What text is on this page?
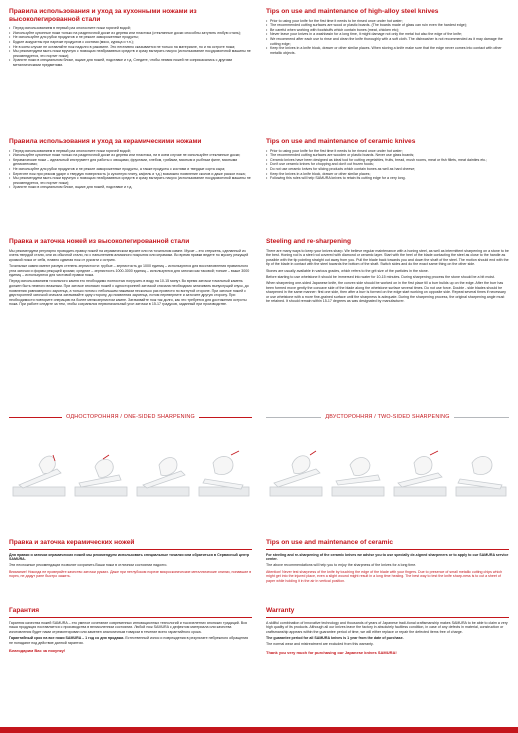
Правила использования и уход за кухонными ножами из высоколегированной стали
• Перед использованием в первый раз ополосните ножи горячей водой;
• Используйте кухонные ножи только на разделочной доске из дерева или пластика (стеклянные доски способны затупить любую сталь);
• Не используйте для рубки продуктов и не режьте замороженные продукты;
• Будьте аккуратны при нарезке продуктов с костями (мясо, курица и т.п.);
• Не в коем случае не оставляйте нож надолго в раковине. Это негативно сказывается не только на материале, но и на остроте ножа;
• Мы рекомендуем мыть ножи вручную с помощью неабразивных средств и сразу вытирать насухо (использование посудомоечной машины не рекомендуется, это портит ножи);
• Храните ножи в специальном блоке, ящике для ножей, подставке и т.д. Следите, чтобы лезвия ножей не соприкасались с другими металлическими предметами.
Tips on use and maintenance of high-alloy steel knives
• Prior to using your knife for the first time it needs to be rinsed once under hot water;
• The recommended cutting surfaces are wood or plastic boards. (The boards made of glass can ruin even the hardest edge);
• Be careful when working with foodstuffs which contain bones (meat, chicken etc);
• Never leave your knives in a washbasin for a long time, it might damage not only the metal but also the edge of the knife;
• We recommend after each use to rinse and clean the knife thoroughly with a soft cloth. The dishwasher is not recommended as it may damage the cutting edge;
• Keep the knives in a knife block, drawer or other similar places. When storing a knife make sure that the edge never comes into contact with other metallic objects.
Правила использования и уход за керамическими ножами
• Перед использованием в первый раз ополосните ножи горячей водой;
• Используйте кухонные ножи только на разделочной доске из дерева или пластика, ни в коем случае не используйте стеклянные доски;
• Керамические ножи – идеальный инструмент для работы с овощами, фруктами, хлебом, грибами, мясным и рыбным филе, мясными деликатесами;
• Не используйте для рубки продуктов и не режьте замороженные продукты, а также продукты с костями и твердые сорта сыра;
• Берегите нож при резком ударе о твердую поверхность (о кухонную плиту, кафель и т.д.) возможно появление сколов и даже раскол ножа;
• Мы рекомендуем мыть ножи вручную с помощью неабразивных средств и сразу вытирать насухо (использование посудомоечной машины не рекомендуется, это портит ножи);
• Храните ножи в специальном блоке, ящике для ножей, подставке и т.д.
Tips on use and maintenance of ceramic knives
• Prior to using your knife for the first time it needs to be rinsed once under hot water;
• The recommended cutting surfaces are wooden or plastic boards. Never use glass boards;
• Ceramic knives have been designed as ideal tool for cutting vegetables, fruits, bread, mush rooms, meat or fish fillets, meat dainties etc.;
• Don't use ceramic knives for chopping and don't cut frozen foods;
• Do not use ceramic knives for slicing products which contain bones as well as hard cheese;
• Keep the knives in a knife block, drawer or other similar places;
• Following this rules will help SAMURA knives to retain its cutting edge for a very long.
Правка и заточка ножей из высоколегированной стали

Мы рекомендуем регулярно проводить правку ножей на керамическом мусате или на точильном камне. Мусат – это стержень, сделанный из очень твердой стали, или из обычной стали, но с напылением алмазного покрытия или керамики. Во время правки ведите по мусату режущей кромкой ножа от себя, плавно сдвигая нож от рукояти к острию.

Точильные камни имеют разную степень зернистости: грубые – зернистость до 1000 единиц – используются для восстановления правильного угла заточки и формы режущей кромки; средние – зернистость 1000-3000 единиц – используются для заточки как таковой; тонкие – выше 3000 единиц – используются для чистовой правки ножа.

Перед использованием точильного камня его необходимо полностью погрузить в воду на 10-15 минут. Во время заточки точильный камень должен быть немного влажным. При заточке японских ножей с односторонней заточкой сначала необходимо затачивать выпуклущий спуск, до появления равномерного заусенца, а только потом с небольшим нажимом несколько раз провести по вогнутой стороне. При заточке ножей с двусторонней заточкой сначала затачивайте одну сторону, до появления заусенца, потом переверните и заточите другую сторону. При необходимости повторите операцию на более мелкозернистом камне. Затачивайте нож так долго, как это требуется для достижения остроты ножа. При работе следите за тем, чтобы сохранялся первоначальный угол заточки в 15-17 градусов, заданный при производстве.

Steeling and re-sharpening

There are many ways to keep your knives sharp. We believe regular maintenance with a honing steel, as well as intermittent sharpening on a stone to be the best. Honing rod is a steel rod covered with diamond or ceramic layer. Start with the heel of the blade contacting the steel as close to the handle as possible with the tip pointing straight out away from you. Pull the blade back towards you and down the shaft of the steel. The motion should end with the tip of the blade in contact with the steel towards the bottom of the shaft. Switch sides and do the exact same thing on the other side.

Stones are usually available in various grades, which refers to the grit size of the particles in the stone.

Before starting to use whetstone it should be immersed into water for 10-15 minutes. During sharpening process the stone should be a bit moist.

When sharpening one-sided Japanese knife, the convex side should be worked on in the first place till a burr builds up on the edge. After the burr has been formed move gently the concave side of the blade along the whetstone surface several times. Do not use force. Double - side blades should be sharpened in the same manner: first one side, then after a burr is formed on the edge start working on opposite side. Repeat several times if necessary or use whetstone with a more fine-grained surface until the sharpness is adequate. During the sharpening process, the original sharpening angle must be retained. It should remain within 15-17 degrees as was designated by manufacturer.

ОДНОСТОРОННЯЯ / ONE-SIDED SHARPENING	ДВУСТОРОННЯЯ / TWO-SIDED SHARPENING
Правка и заточка керамических ножей

Для правки и заточки керамических ножей мы рекомендуем использовать специальные точилки или обратиться в Сервисный центр SAMURA.

Эти несложные рекомендации позволят сохранить Ваши ножи в отличном состоянии надолго.

Внимание! Никогда не проверяйте качество заточки рукаих. Даже при нетлубоком порезе микроскопические металлические опилки, попавшие в порез, не дадут ране быстро зажить.

Tips on use and maintenance of ceramic

For steeling and re-sharpening of the ceramic knives we advise you to use specially de-signed sharpeners or to apply to our SAMURA service center.

The above recommendations will help you to enjoy the sharpness of the knives for a long time.

Attention! Never test sharpness of the knife by touching the edge of the blade with your fingers. Due to presence of small metallic cutting chips which might get into the injured place, even a slight wound might result in a long time healing. The best way to test the knife sharp-ness is to cut a sheet of paper while holding it in the air in vertical position.

Гарантия

Гарантия качества ножей SAMURA – это умелое сочетание современных инновационных технологий и тысячелетних японских традиций. Вся наша продукция поставляется с производства в великолепном состоянии. Любой нож SAMURA с дефектом материала или качества изготовления будет нами отремонтирован или заменен аналогичным товаром в течение всего гарантийного срока.

Гарантийный срок на все ножи SAMURA – 1 год со дня продажи. Естественный износ и повреждения в результате небрежного обращения не попадают под действие данной гарантии.

Благодарим Вас за покупку!
Warranty

A skillful combination of innovative technology and thousands of years of Japanese tradi-tional craftsmanship makes SAMURA to be able to claim a very high quality of its products. Although all our knives leave the factory in absolutely faultless condition, in case of any defects in material, construction or craftsmanship appears within the guarantee period of time, we will either replace or repair the defected items free of charge.

The guarantee period for all SAMURA knives is 1 year from the date of purchase.

The normal wear and mistreatment are excluded from this warranty.

Thank you very much for purchasing our Japanese knives SAMURA!
